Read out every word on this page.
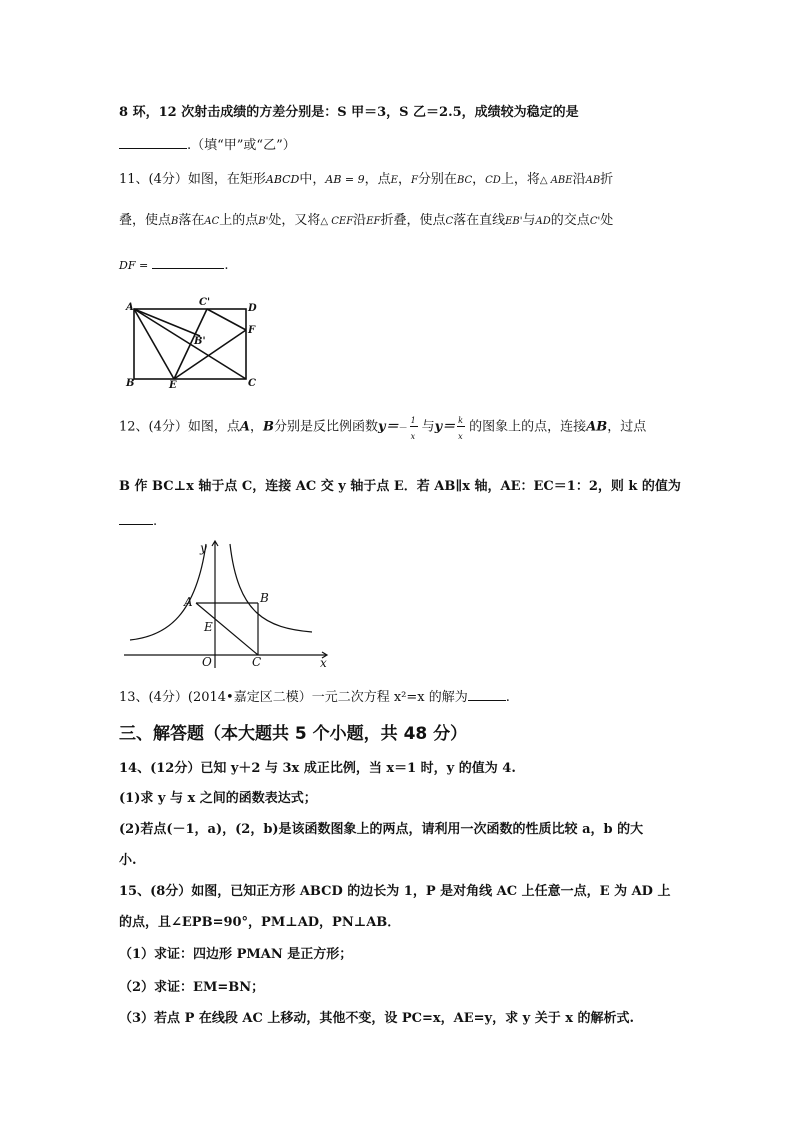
8 环，12 次射击成绩的方差分别是：S 甲＝3，S 乙＝2.5，成绩较为稳定的是
.（填“甲”或“乙”）
11、(4分）如图，在矩形ABCD中，AB = 9，点E，F分别在BC，CD上，将△ ABE沿AB折
叠，使点B落在AC上的点B'处，又将△ CEF沿EF折叠，使点C落在直线EB'与AD的交点C'处
DF =	.
A	C'
D
F
B'
B	E	C
12、(4分）如图，点A，B分别是反比例函数$y=- \frac{1}{x}$ 与$y= \frac{k}{x}$ 的图象上的点，连接AB，过点
B 作 BC⊥x 轴于点 C，连接 AC 交 y 轴于点 E．若 AB∥x 轴，AE：EC＝1：2，则 k 的值为
.
y
A	B
E
O	C	x
13、(4分）(2014•嘉定区二模）一元二次方程 x²=x 的解为	.
三、解答题（本大题共 5 个小题，共 48 分）
14、(12分）已知 y＋2 与 3x 成正比例，当 x＝1 时，y 的值为 4.
(1)求 y 与 x 之间的函数表达式；
(2)若点(－1，a)，(2，b)是该函数图象上的两点，请利用一次函数的性质比较 a，b 的大
小.
15、(8分）如图，已知正方形 ABCD 的边长为 1，P 是对角线 AC 上任意一点，E 为 AD 上
的点，且∠EPB=90°，PM⊥AD，PN⊥AB．
（1）求证：四边形 PMAN 是正方形；
（2）求证：EM=BN；
（3）若点 P 在线段 AC 上移动，其他不变，设 PC=x，AE=y，求 y 关于 x 的解析式.
